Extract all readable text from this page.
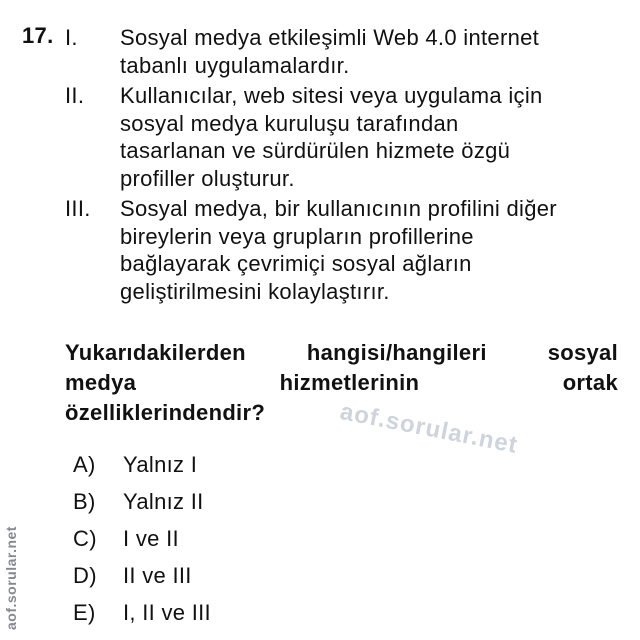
17. I.	Sosyal medya etkileşimli Web 4.0 internet
tabanlı uygulamalardır.
II.	Kullanıcılar, web sitesi veya uygulama için
sosyal medya kuruluşu tarafından
tasarlanan ve sürdürülen hizmete özgü
profiller oluşturur.
III.	Sosyal medya, bir kullanıcının profilini diğer
bireylerin veya grupların profillerine
bağlayarak çevrimiçi sosyal ağların
geliştirilmesini kolaylaştırır.
Yukarıdakilerden	hangisi/hangileri	sosyal
medya	hizmetlerinin	ortak
özelliklerindendir?
A)	Yalnız I
B)	Yalnız II
C)	I ve II
D)	II ve III
E)	I, II ve III
aof.sorular.net
aof.sorular.net
